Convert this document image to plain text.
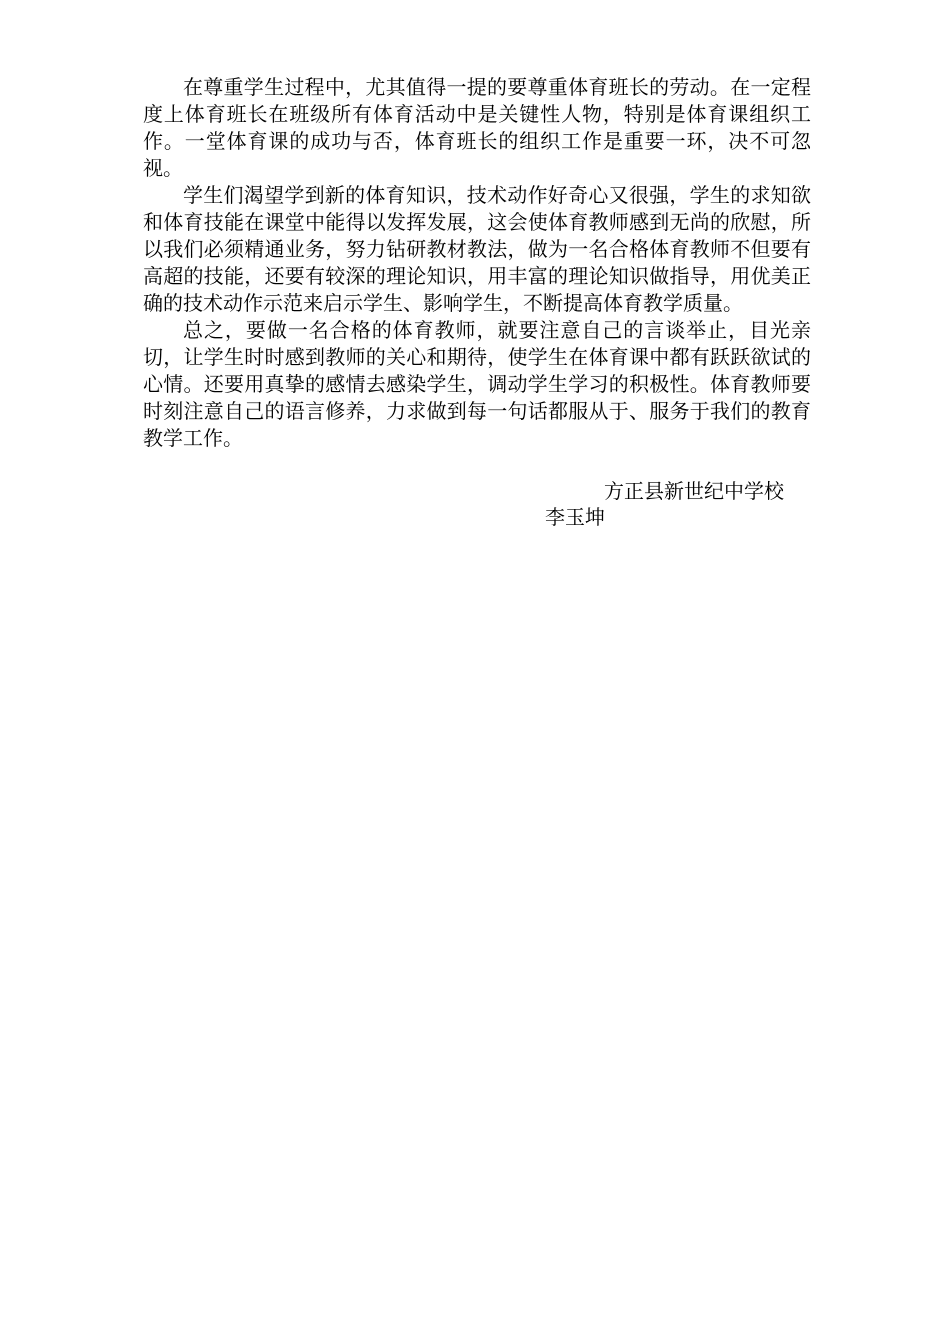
在尊重学生过程中，尤其值得一提的要尊重体育班长的劳动。在一定程度上体育班长在班级所有体育活动中是关键性人物，特别是体育课组织工作。一堂体育课的成功与否，体育班长的组织工作是重要一环，决不可忽视。

学生们渴望学到新的体育知识，技术动作好奇心又很强，学生的求知欲和体育技能在课堂中能得以发挥发展，这会使体育教师感到无尚的欣慰，所以我们必须精通业务，努力钻研教材教法，做为一名合格体育教师不但要有高超的技能，还要有较深的理论知识，用丰富的理论知识做指导，用优美正确的技术动作示范来启示学生、影响学生，不断提高体育教学质量。

总之，要做一名合格的体育教师，就要注意自己的言谈举止，目光亲切，让学生时时感到教师的关心和期待，使学生在体育课中都有跃跃欲试的心情。还要用真挚的感情去感染学生，调动学生学习的积极性。体育教师要时刻注意自己的语言修养，力求做到每一句话都服从于、服务于我们的教育教学工作。

方正县新世纪中学校
李玉坤
